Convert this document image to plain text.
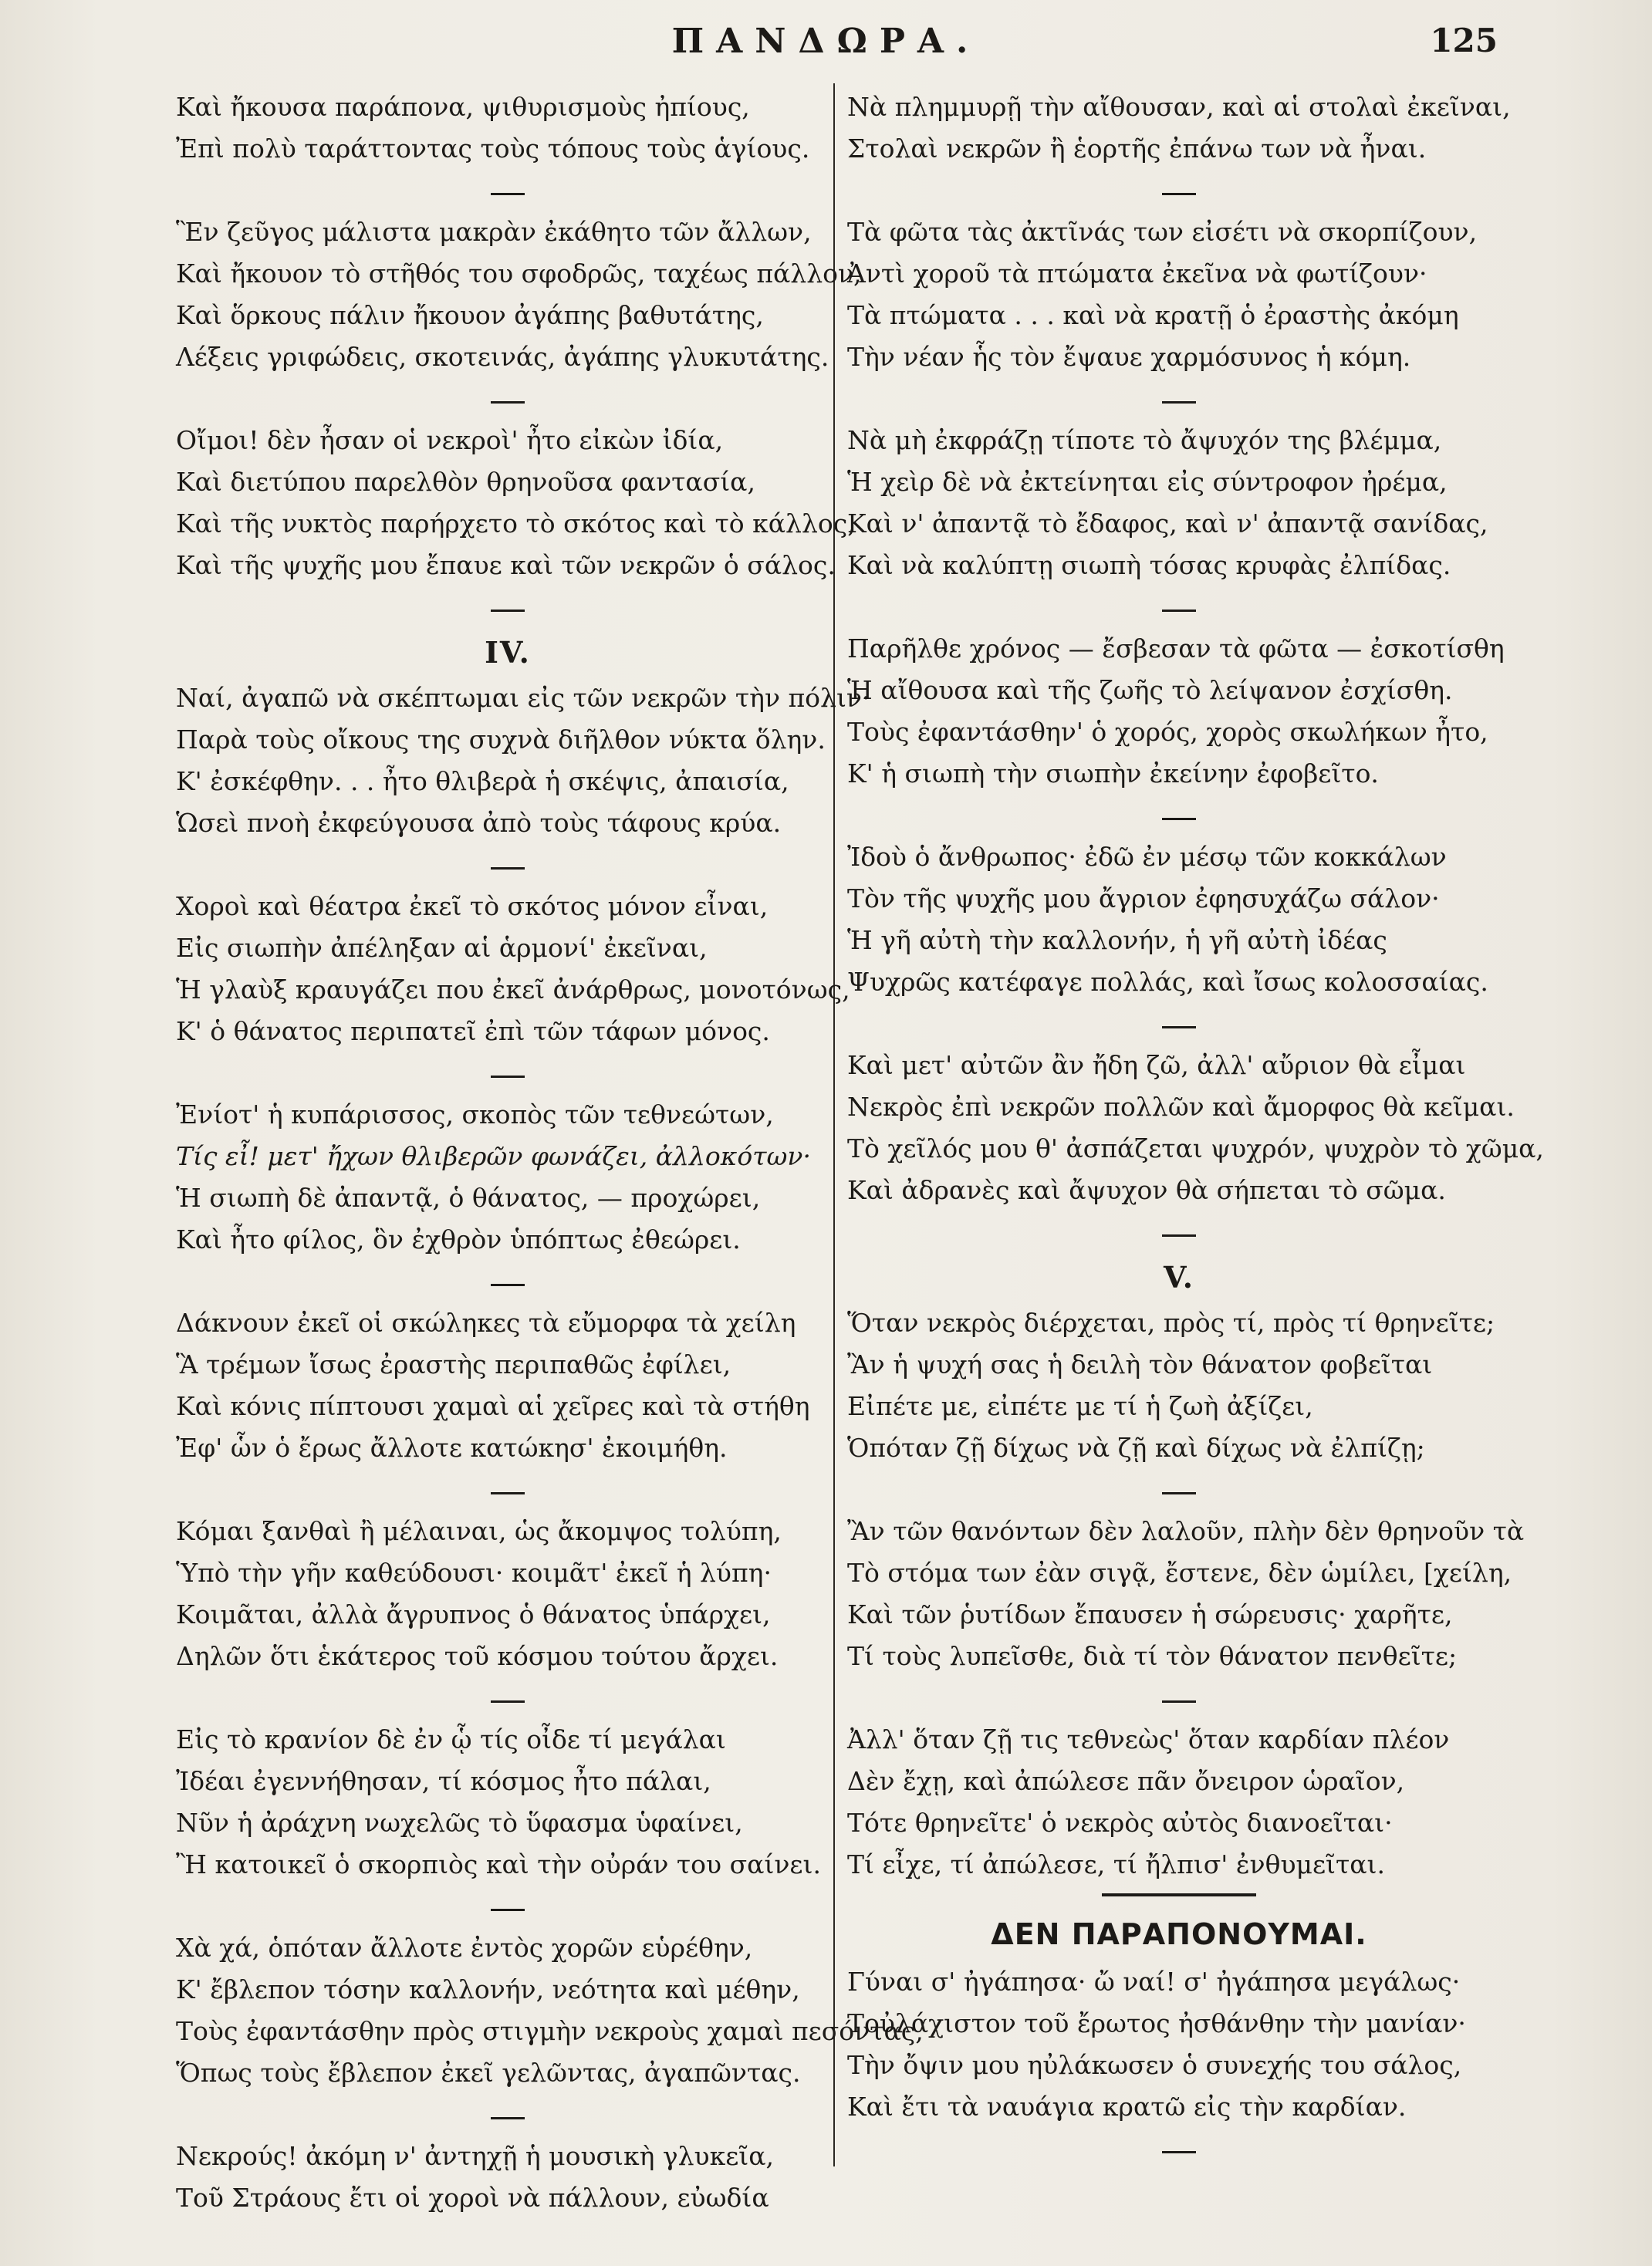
ΠΑΝΔΩΡΑ.	125
Καὶ ἤκουσα παράπονα, ψιθυρισμοὺς ἠπίους,
Ἐπὶ πολὺ ταράττοντας τοὺς τόπους τοὺς ἁγίους.
Ἓν ζεῦγος μάλιστα μακρὰν ἐκάθητο τῶν ἄλλων,
Καὶ ἤκουον τὸ στῆθός του σφοδρῶς, ταχέως πάλλον,
Καὶ ὅρκους πάλιν ἤκουον ἀγάπης βαθυτάτης,
Λέξεις γριφώδεις, σκοτεινάς, ἀγάπης γλυκυτάτης.
Οἴμοι! δὲν ἦσαν οἱ νεκροὶ' ἦτο εἰκὼν ἰδία,
Καὶ διετύπου παρελθὸν θρηνοῦσα φαντασία,
Καὶ τῆς νυκτὸς παρήρχετο τὸ σκότος καὶ τὸ κάλλος,
Καὶ τῆς ψυχῆς μου ἔπαυε καὶ τῶν νεκρῶν ὁ σάλος.
IV.
Ναί, ἀγαπῶ νὰ σκέπτωμαι εἰς τῶν νεκρῶν τὴν πόλιν·
Παρὰ τοὺς οἴκους της συχνὰ διῆλθον νύκτα ὅλην.
Κ' ἐσκέφθην. . . ἦτο θλιβερὰ ἡ σκέψις, ἀπαισία,
Ὡσεὶ πνοὴ ἐκφεύγουσα ἀπὸ τοὺς τάφους κρύα.
Χοροὶ καὶ θέατρα ἐκεῖ τὸ σκότος μόνον εἶναι,
Εἰς σιωπὴν ἀπέληξαν αἱ ἁρμονί' ἐκεῖναι,
Ἡ γλαὺξ κραυγάζει που ἐκεῖ ἀνάρθρως, μονοτόνως,
Κ' ὁ θάνατος περιπατεῖ ἐπὶ τῶν τάφων μόνος.
Ἐνίοτ' ἡ κυπάρισσος, σκοπὸς τῶν τεθνεώτων,
Τίς εἶ! μετ' ἤχων θλιβερῶν φωνάζει, ἀλλοκότων·
Ἡ σιωπὴ δὲ ἀπαντᾷ, ὁ θάνατος, — προχώρει,
Καὶ ἦτο φίλος, ὃν ἐχθρὸν ὑπόπτως ἐθεώρει.
Δάκνουν ἐκεῖ οἱ σκώληκες τὰ εὔμορφα τὰ χείλη
Ἃ τρέμων ἴσως ἐραστὴς περιπαθῶς ἐφίλει,
Καὶ κόνις πίπτουσι χαμαὶ αἱ χεῖρες καὶ τὰ στήθη
Ἐφ' ὧν ὁ ἔρως ἄλλοτε κατώκησ' ἐκοιμήθη.
Κόμαι ξανθαὶ ἢ μέλαιναι, ὡς ἄκομψος τολύπη,
Ὑπὸ τὴν γῆν καθεύδουσι· κοιμᾶτ' ἐκεῖ ἡ λύπη·
Κοιμᾶται, ἀλλὰ ἄγρυπνος ὁ θάνατος ὑπάρχει,
Δηλῶν ὅτι ἑκάτερος τοῦ κόσμου τούτου ἄρχει.
Εἰς τὸ κρανίον δὲ ἐν ᾧ τίς οἶδε τί μεγάλαι
Ἰδέαι ἐγεννήθησαν, τί κόσμος ἦτο πάλαι,
Νῦν ἡ ἀράχνη νωχελῶς τὸ ὕφασμα ὑφαίνει,
Ἢ κατοικεῖ ὁ σκορπιὸς καὶ τὴν οὐράν του σαίνει.
Χὰ χά, ὁπόταν ἄλλοτε ἐντὸς χορῶν εὑρέθην,
Κ' ἔβλεπον τόσην καλλονήν, νεότητα καὶ μέθην,
Τοὺς ἐφαντάσθην πρὸς στιγμὴν νεκροὺς χαμαὶ πεσόντας,
Ὅπως τοὺς ἔβλεπον ἐκεῖ γελῶντας, ἀγαπῶντας.
Νεκρούς! ἀκόμη ν' ἀντηχῇ ἡ μουσικὴ γλυκεῖα,
Τοῦ Στράους ἔτι οἱ χοροὶ νὰ πάλλουν, εὐωδία
Νὰ πλημμυρῇ τὴν αἴθουσαν, καὶ αἱ στολαὶ ἐκεῖναι,
Στολαὶ νεκρῶν ἢ ἑορτῆς ἐπάνω των νὰ ἦναι.
Τὰ φῶτα τὰς ἀκτῖνάς των εἰσέτι νὰ σκορπίζουν,
Ἀντὶ χοροῦ τὰ πτώματα ἐκεῖνα νὰ φωτίζουν·
Τὰ πτώματα . . . καὶ νὰ κρατῇ ὁ ἐραστὴς ἀκόμη
Τὴν νέαν ἧς τὸν ἔψαυε χαρμόσυνος ἡ κόμη.
Νὰ μὴ ἐκφράζῃ τίποτε τὸ ἄψυχόν της βλέμμα,
Ἡ χεὶρ δὲ νὰ ἐκτείνηται εἰς σύντροφον ἠρέμα,
Καὶ ν' ἀπαντᾷ τὸ ἔδαφος, καὶ ν' ἀπαντᾷ σανίδας,
Καὶ νὰ καλύπτῃ σιωπὴ τόσας κρυφὰς ἐλπίδας.
Παρῆλθε χρόνος — ἔσβεσαν τὰ φῶτα — ἐσκοτίσθη
Ἡ αἴθουσα καὶ τῆς ζωῆς τὸ λείψανον ἐσχίσθη.
Τοὺς ἐφαντάσθην' ὁ χορός, χορὸς σκωλήκων ἦτο,
Κ' ἡ σιωπὴ τὴν σιωπὴν ἐκείνην ἐφοβεῖτο.
Ἰδοὺ ὁ ἄνθρωπος· ἐδῶ ἐν μέσῳ τῶν κοκκάλων
Τὸν τῆς ψυχῆς μου ἄγριον ἐφησυχάζω σάλον·
Ἡ γῆ αὐτὴ τὴν καλλονήν, ἡ γῆ αὐτὴ ἰδέας
Ψυχρῶς κατέφαγε πολλάς, καὶ ἴσως κολοσσαίας.
Καὶ μετ' αὐτῶν ἂν ἤδη ζῶ, ἀλλ' αὔριον θὰ εἶμαι
Νεκρὸς ἐπὶ νεκρῶν πολλῶν καὶ ἄμορφος θὰ κεῖμαι.
Τὸ χεῖλός μου θ' ἀσπάζεται ψυχρόν, ψυχρὸν τὸ χῶμα,
Καὶ ἀδρανὲς καὶ ἄψυχον θὰ σήπεται τὸ σῶμα.
V.
Ὅταν νεκρὸς διέρχεται, πρὸς τί, πρὸς τί θρηνεῖτε;
Ἂν ἡ ψυχή σας ἡ δειλὴ τὸν θάνατον φοβεῖται
Εἰπέτε με, εἰπέτε με τί ἡ ζωὴ ἀξίζει,
Ὁπόταν ζῇ δίχως νὰ ζῇ καὶ δίχως νὰ ἐλπίζῃ;
Ἂν τῶν θανόντων δὲν λαλοῦν, πλὴν δὲν θρηνοῦν τὰ
Τὸ στόμα των ἐὰν σιγᾷ, ἔστενε, δὲν ὡμίλει, [χείλη,
Καὶ τῶν ῥυτίδων ἔπαυσεν ἡ σώρευσις· χαρῆτε,
Τί τοὺς λυπεῖσθε, διὰ τί τὸν θάνατον πενθεῖτε;
Ἀλλ' ὅταν ζῇ τις τεθνεὼς' ὅταν καρδίαν πλέον
Δὲν ἔχῃ, καὶ ἀπώλεσε πᾶν ὄνειρον ὡραῖον,
Τότε θρηνεῖτε' ὁ νεκρὸς αὐτὸς διανοεῖται·
Τί εἶχε, τί ἀπώλεσε, τί ἤλπισ' ἐνθυμεῖται.
ΔΕΝ ΠΑΡΑΠΟΝΟΥΜΑΙ.
Γύναι σ' ἠγάπησα· ὤ ναί! σ' ἠγάπησα μεγάλως·
Τοὐλάχιστον τοῦ ἔρωτος ἠσθάνθην τὴν μανίαν·
Τὴν ὄψιν μου ηὐλάκωσεν ὁ συνεχής του σάλος,
Καὶ ἔτι τὰ ναυάγια κρατῶ εἰς τὴν καρδίαν.
